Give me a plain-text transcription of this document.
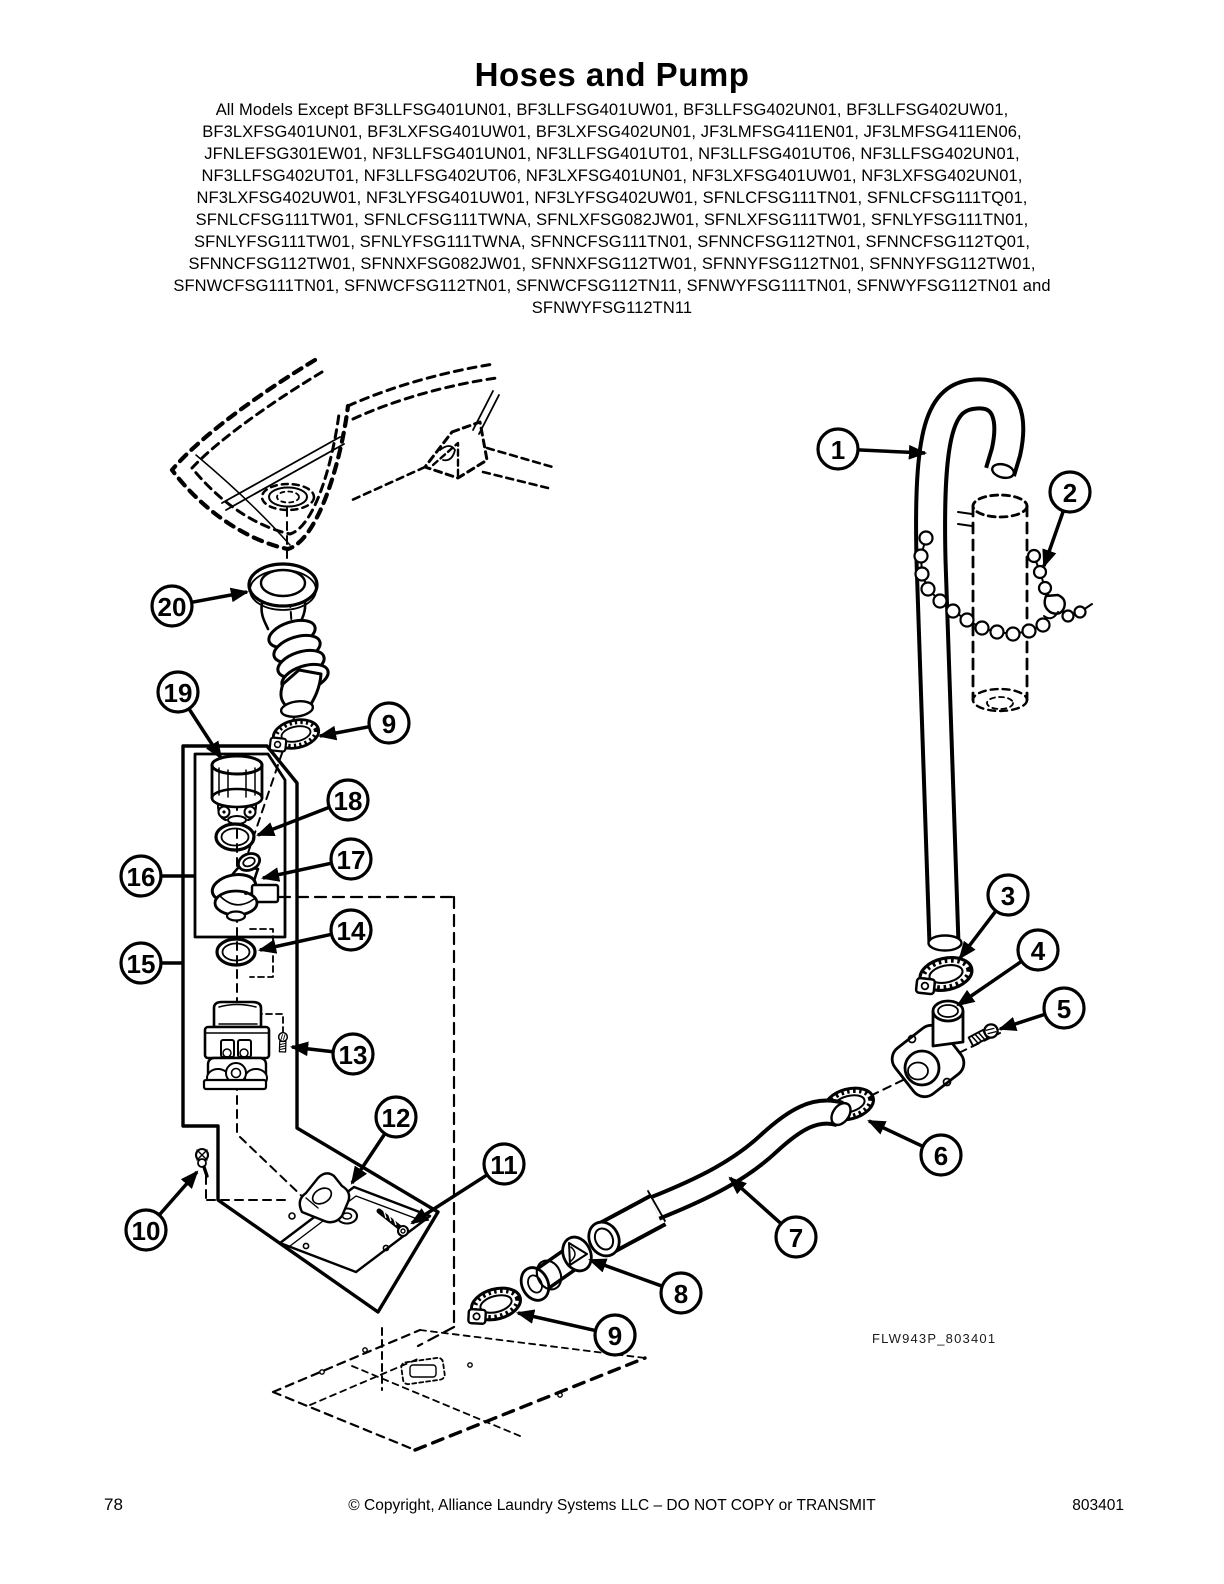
Hoses and Pump
All Models Except BF3LLFSG401UN01, BF3LLFSG401UW01, BF3LLFSG402UN01, BF3LLFSG402UW01,
BF3LXFSG401UN01, BF3LXFSG401UW01, BF3LXFSG402UN01, JF3LMFSG411EN01, JF3LMFSG411EN06,
JFNLEFSG301EW01, NF3LLFSG401UN01, NF3LLFSG401UT01, NF3LLFSG401UT06, NF3LLFSG402UN01,
NF3LLFSG402UT01, NF3LLFSG402UT06, NF3LXFSG401UN01, NF3LXFSG401UW01, NF3LXFSG402UN01,
NF3LXFSG402UW01, NF3LYFSG401UW01, NF3LYFSG402UW01, SFNLCFSG111TN01, SFNLCFSG111TQ01,
SFNLCFSG111TW01, SFNLCFSG111TWNA, SFNLXFSG082JW01, SFNLXFSG111TW01, SFNLYFSG111TN01,
SFNLYFSG111TW01, SFNLYFSG111TWNA, SFNNCFSG111TN01, SFNNCFSG112TN01, SFNNCFSG112TQ01,
SFNNCFSG112TW01, SFNNXFSG082JW01, SFNNXFSG112TW01, SFNNYFSG112TN01, SFNNYFSG112TW01,
SFNWCFSG111TN01, SFNWCFSG112TN01, SFNWCFSG112TN11, SFNWYFSG111TN01, SFNWYFSG112TN01 and
SFNWYFSG112TN11
FLW943P_803401
1
2
3
4
5
6
7
8
9
9
10
11
12
13
14
15
16
17
18
19
20
78	© Copyright, Alliance Laundry Systems LLC – DO NOT COPY or TRANSMIT	803401
